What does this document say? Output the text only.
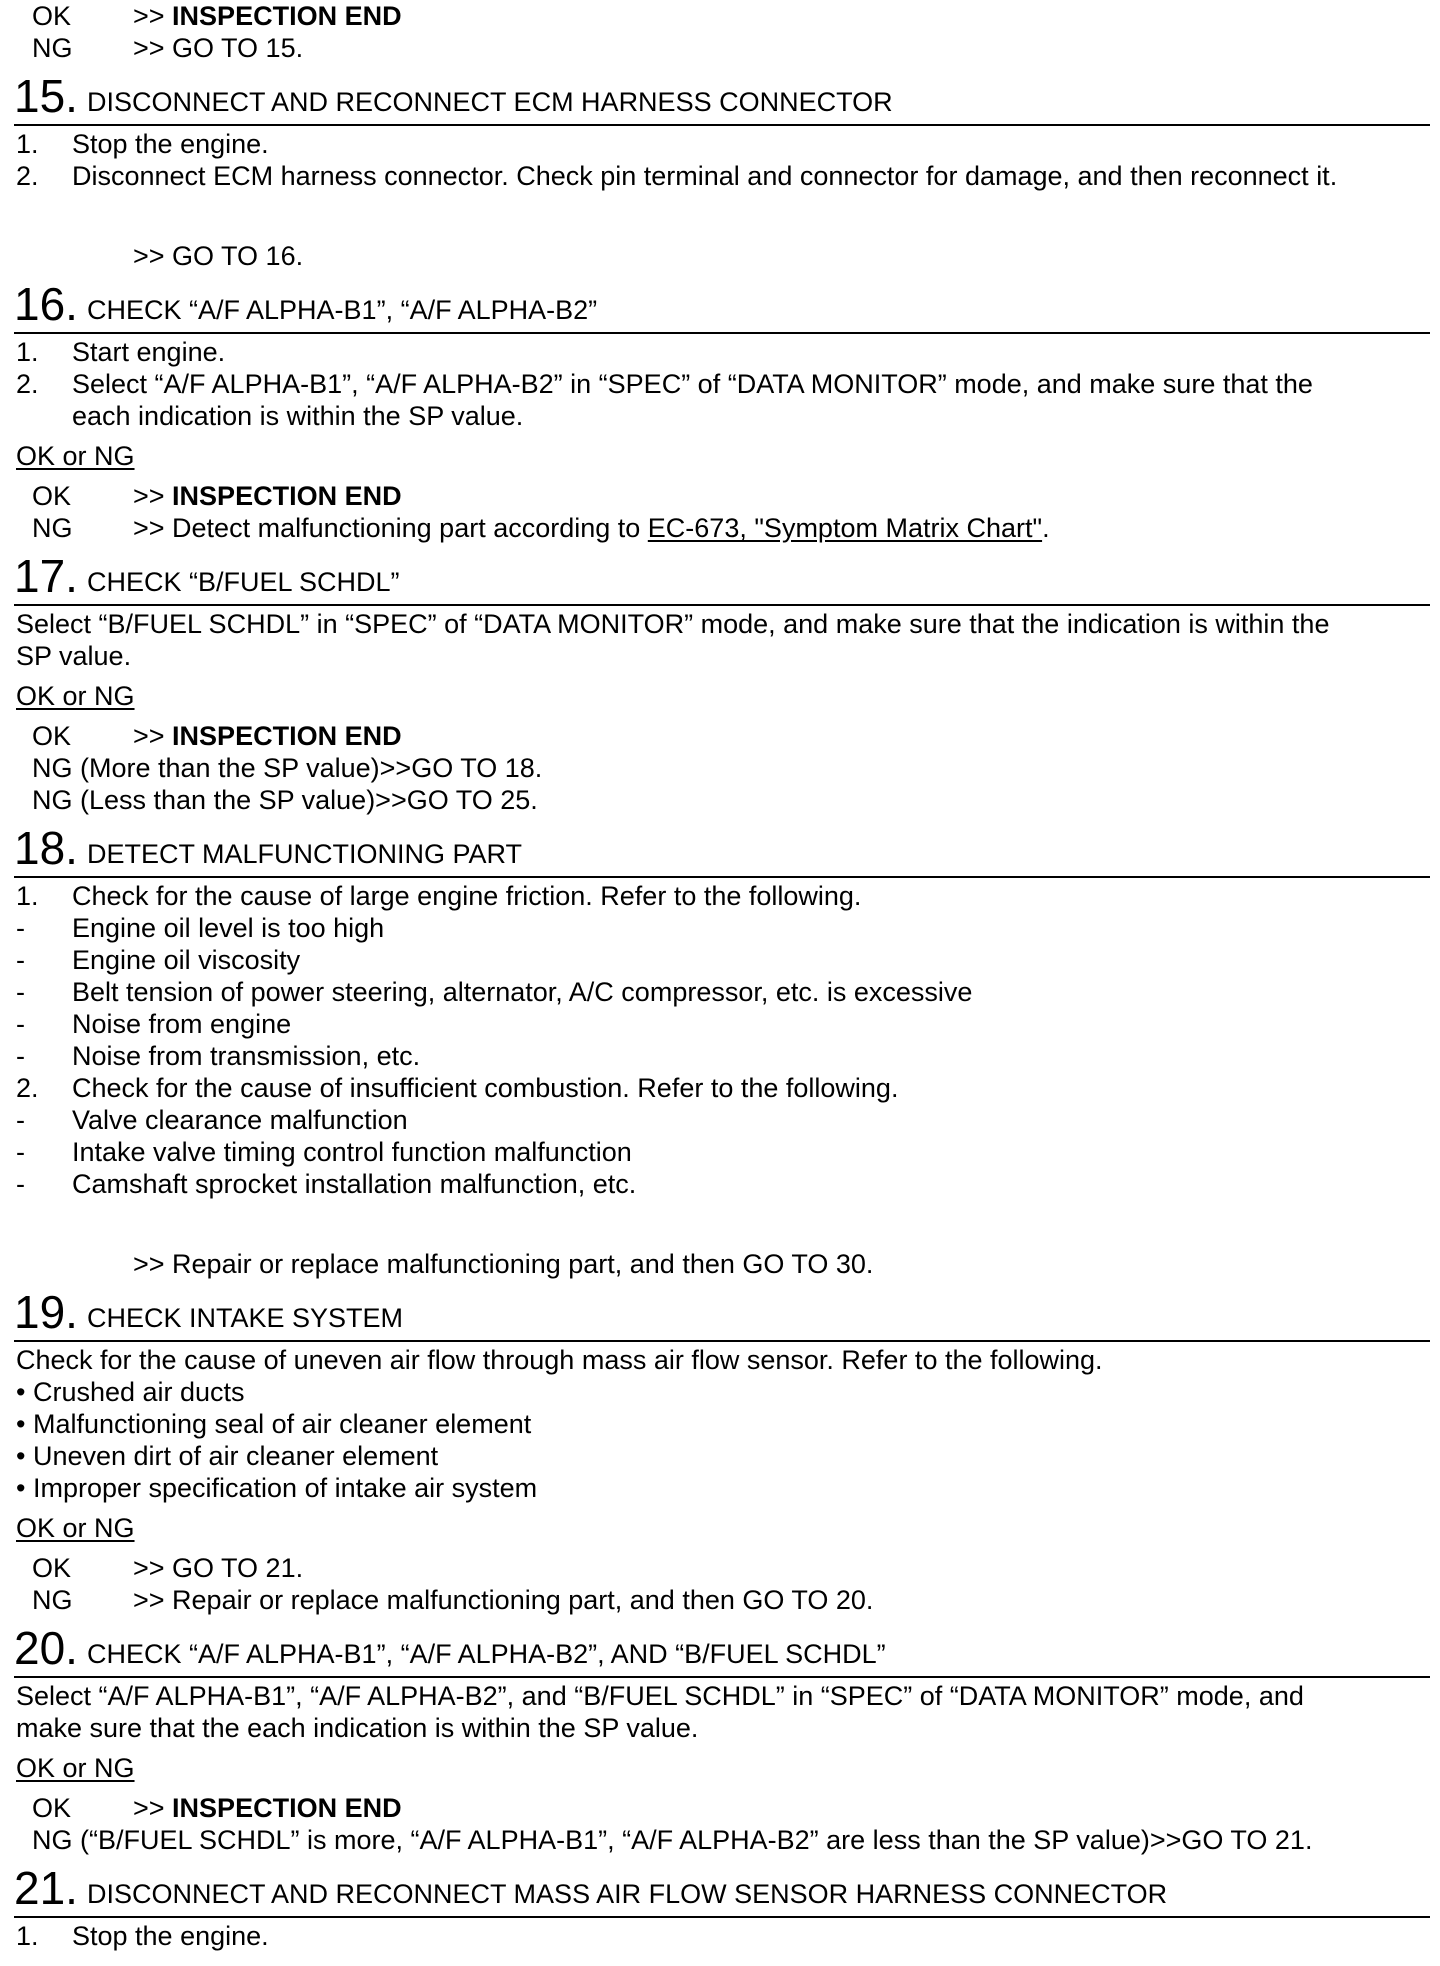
OK >> INSPECTION END
NG >> GO TO 15.
15. DISCONNECT AND RECONNECT ECM HARNESS CONNECTOR
1. Stop the engine.
2. Disconnect ECM harness connector. Check pin terminal and connector for damage, and then reconnect it.
>> GO TO 16.
16. CHECK “A/F ALPHA-B1”, “A/F ALPHA-B2”
1. Start engine.
2. Select “A/F ALPHA-B1”, “A/F ALPHA-B2” in “SPEC” of “DATA MONITOR” mode, and make sure that the
each indication is within the SP value.
OK or NG
OK >> INSPECTION END
NG >> Detect malfunctioning part according to EC-673, "Symptom Matrix Chart".
17. CHECK “B/FUEL SCHDL”
Select “B/FUEL SCHDL” in “SPEC” of “DATA MONITOR” mode, and make sure that the indication is within the
SP value.
OK or NG
OK >> INSPECTION END
NG (More than the SP value)>>GO TO 18.
NG (Less than the SP value)>>GO TO 25.
18. DETECT MALFUNCTIONING PART
1. Check for the cause of large engine friction. Refer to the following.
- Engine oil level is too high
- Engine oil viscosity
- Belt tension of power steering, alternator, A/C compressor, etc. is excessive
- Noise from engine
- Noise from transmission, etc.
2. Check for the cause of insufficient combustion. Refer to the following.
- Valve clearance malfunction
- Intake valve timing control function malfunction
- Camshaft sprocket installation malfunction, etc.
>> Repair or replace malfunctioning part, and then GO TO 30.
19. CHECK INTAKE SYSTEM
Check for the cause of uneven air flow through mass air flow sensor. Refer to the following.
• Crushed air ducts
• Malfunctioning seal of air cleaner element
• Uneven dirt of air cleaner element
• Improper specification of intake air system
OK or NG
OK >> GO TO 21.
NG >> Repair or replace malfunctioning part, and then GO TO 20.
20. CHECK “A/F ALPHA-B1”, “A/F ALPHA-B2”, AND “B/FUEL SCHDL”
Select “A/F ALPHA-B1”, “A/F ALPHA-B2”, and “B/FUEL SCHDL” in “SPEC” of “DATA MONITOR” mode, and
make sure that the each indication is within the SP value.
OK or NG
OK >> INSPECTION END
NG (“B/FUEL SCHDL” is more, “A/F ALPHA-B1”, “A/F ALPHA-B2” are less than the SP value)>>GO TO 21.
21. DISCONNECT AND RECONNECT MASS AIR FLOW SENSOR HARNESS CONNECTOR
1. Stop the engine.
